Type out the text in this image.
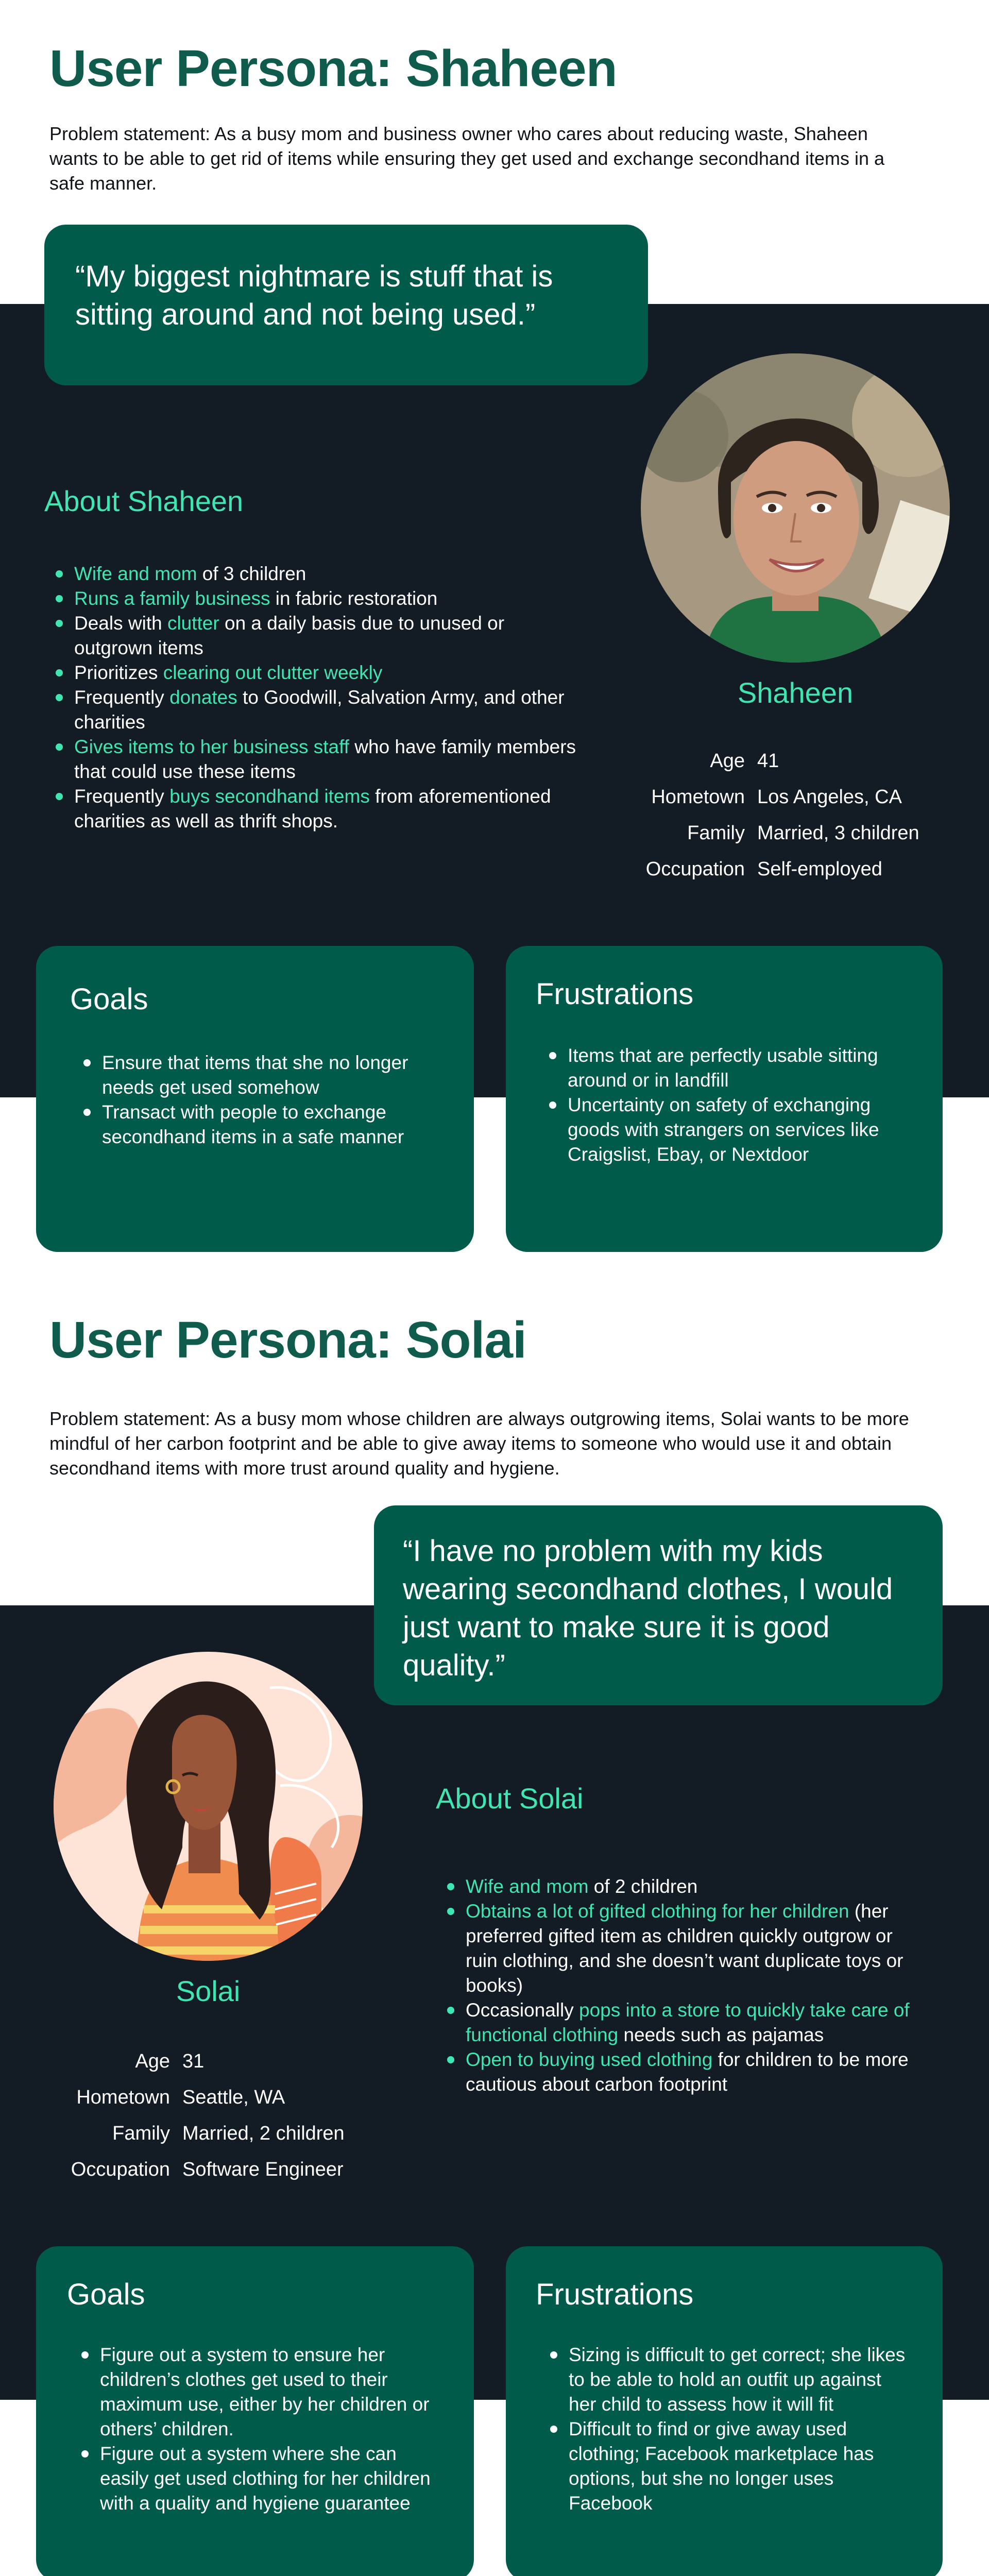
User Persona: Shaheen
Problem statement: As a busy mom and business owner who cares about reducing waste, Shaheen wants to be able to get rid of items while ensuring they get used and exchange secondhand items in a safe manner.
“My biggest nightmare is stuff that is sitting around and not being used.”
About Shaheen
Wife and mom of 3 children
Runs a family business in fabric restoration
Deals with clutter on a daily basis due to unused or outgrown items
Prioritizes clearing out clutter weekly
Frequently donates to Goodwill, Salvation Army, and other charities
Gives items to her business staff who have family members that could use these items
Frequently buys secondhand items from aforementioned charities as well as thrift shops.
Shaheen
Age 41
Hometown Los Angeles, CA
Family Married, 3 children
Occupation Self-employed
Goals
Ensure that items that she no longer needs get used somehow
Transact with people to exchange secondhand items in a safe manner
Frustrations
Items that are perfectly usable sitting around or in landfill
Uncertainty on safety of exchanging goods with strangers on services like Craigslist, Ebay, or Nextdoor
User Persona: Solai
Problem statement: As a busy mom whose children are always outgrowing items, Solai wants to be more mindful of her carbon footprint and be able to give away items to someone who would use it and obtain secondhand items with more trust around quality and hygiene.
“I have no problem with my kids wearing secondhand clothes, I would just want to make sure it is good quality.”
Solai
Age 31
Hometown Seattle, WA
Family Married, 2 children
Occupation Software Engineer
About Solai
Wife and mom of 2 children
Obtains a lot of gifted clothing for her children (her preferred gifted item as children quickly outgrow or ruin clothing, and she doesn’t want duplicate toys or books)
Occasionally pops into a store to quickly take care of functional clothing needs such as pajamas
Open to buying used clothing for children to be more cautious about carbon footprint
Goals
Figure out a system to ensure her children’s clothes get used to their maximum use, either by her children or others’ children.
Figure out a system where she can easily get used clothing for her children with a quality and hygiene guarantee
Frustrations
Sizing is difficult to get correct; she likes to be able to hold an outfit up against her child to assess how it will fit
Difficult to find or give away used clothing; Facebook marketplace has options, but she no longer uses Facebook
